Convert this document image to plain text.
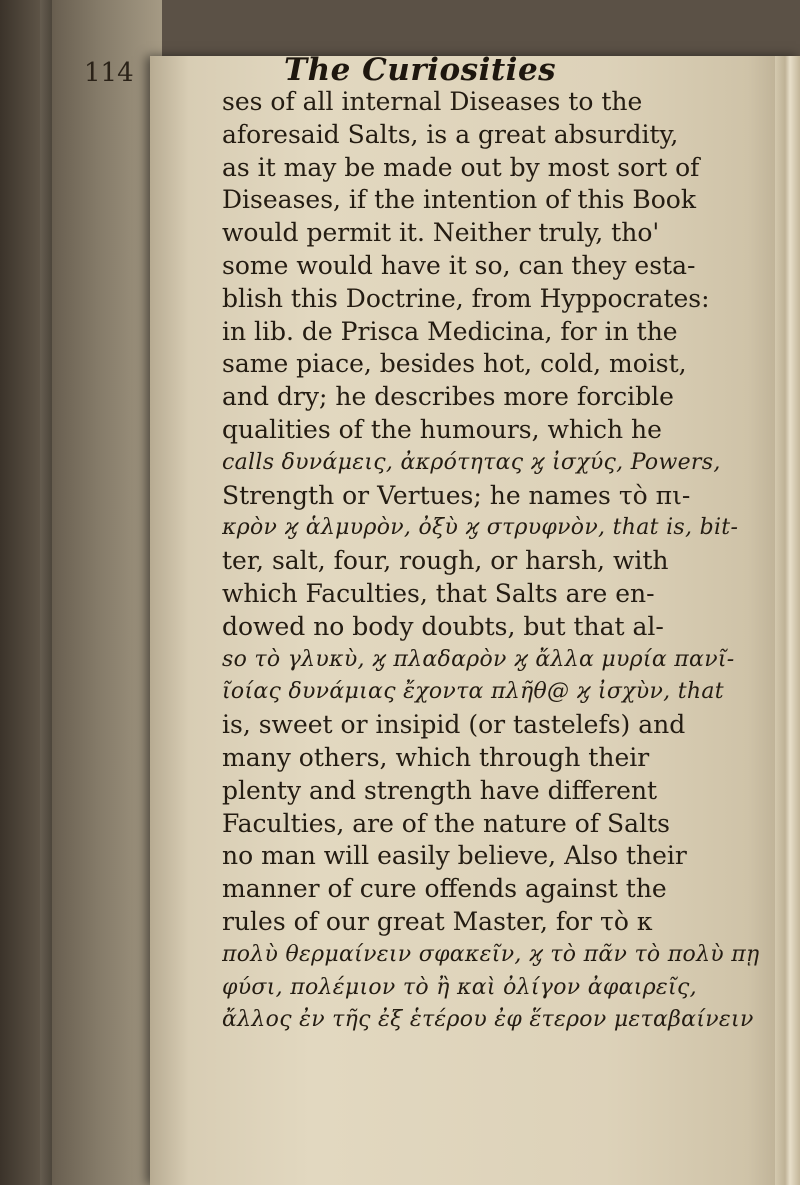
114	The Curiosities
ses of all internal Diseases to the
aforesaid Salts, is a great absurdity,
as it may be made out by most sort of
Diseases, if the intention of this Book
would permit it. Neither truly, tho'
some would have it so, can they esta-
blish this Doctrine, from Hyppocrates:
in lib. de Prisca Medicina, for in the
same piace, besides hot, cold, moist,
and dry; he describes more forcible
qualities of the humours, which he
calls δυνάμεις, ἀκρότητας ϗ ἰσχύς, Powers,
Strength or Vertues; he names τὸ πι-
κρὸν ϗ ἁλμυρὸν, ὀξὺ ϗ στρυφνὸν, that is, bit-
ter, salt, four, rough, or harsh, with
which Faculties, that Salts are en-
dowed no body doubts, but that al-
so τὸ γλυκὺ, ϗ πλαδαρὸν ϗ ἄλλα μυρία πανῖ-
ῖοίας δυνάμιας ἔχοντα πλῆθ@ ϗ ἰσχὺν, that
is, sweet or insipid (or tastelefs) and
many others, which through their
plenty and strength have different
Faculties, are of the nature of Salts
no man will easily believe, Also their
manner of cure offends against the
rules of our great Master, for τὸ κ
πολὺ θερμαίνειν σφακεῖν, ϗ τὸ πᾶν τὸ πολὺ πῃ
φύσι, πολέμιον τὸ ἢ καὶ ὀλίγον ἀφαιρεῖς,
ἄλλος ἐν τῆς ἐξ ἑτέρου ἐφ ἕτερον μεταβαίνειν
